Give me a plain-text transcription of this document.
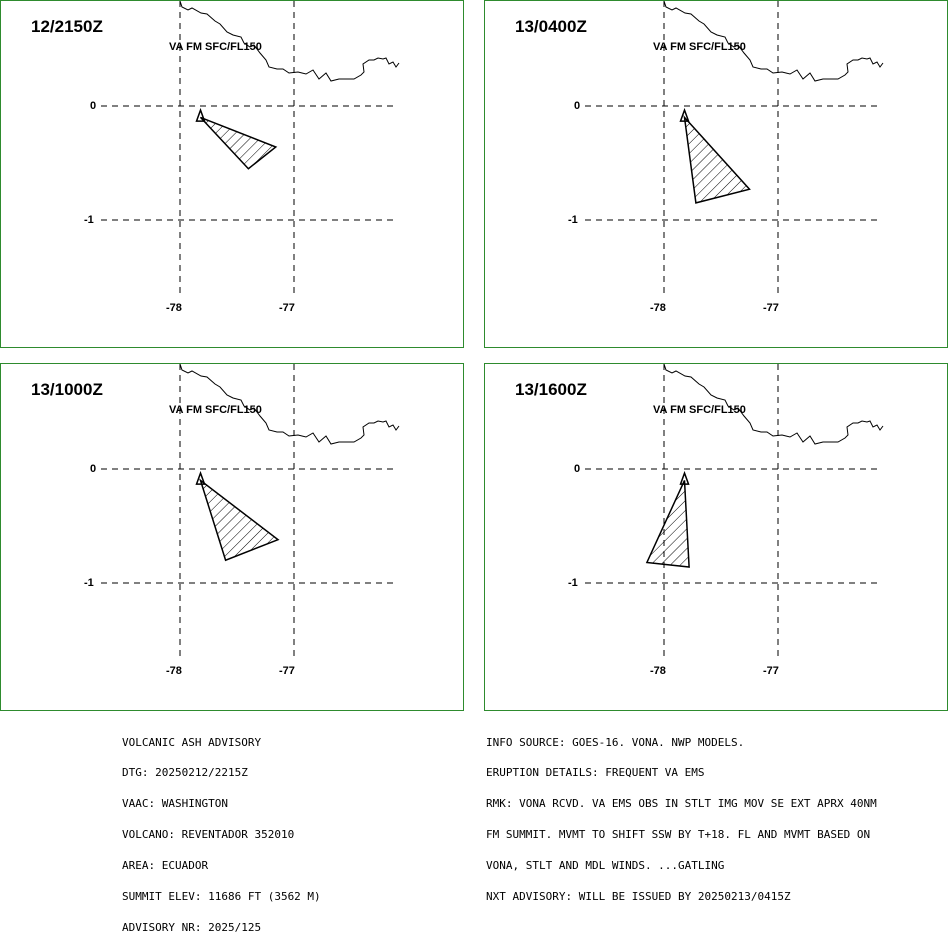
12/2150Z
VA FM SFC/FL150
0
-1
-78	-77
13/0400Z
VA FM SFC/FL150
0
-1
-78	-77
13/1000Z
VA FM SFC/FL150
0
-1
-78	-77
13/1600Z
VA FM SFC/FL150
0
-1
-78	-77

VOLCANIC ASH ADVISORY

DTG: 20250212/2215Z

VAAC: WASHINGTON

VOLCANO: REVENTADOR 352010

AREA: ECUADOR

SUMMIT ELEV: 11686 FT (3562 M)

ADVISORY NR: 2025/125

INFO SOURCE: GOES-16. VONA. NWP MODELS.

ERUPTION DETAILS: FREQUENT VA EMS

RMK: VONA RCVD. VA EMS OBS IN STLT IMG MOV SE EXT APRX 40NM

FM SUMMIT. MVMT TO SHIFT SSW BY T+18. FL AND MVMT BASED ON

VONA, STLT AND MDL WINDS. ...GATLING

NXT ADVISORY: WILL BE ISSUED BY 20250213/0415Z
